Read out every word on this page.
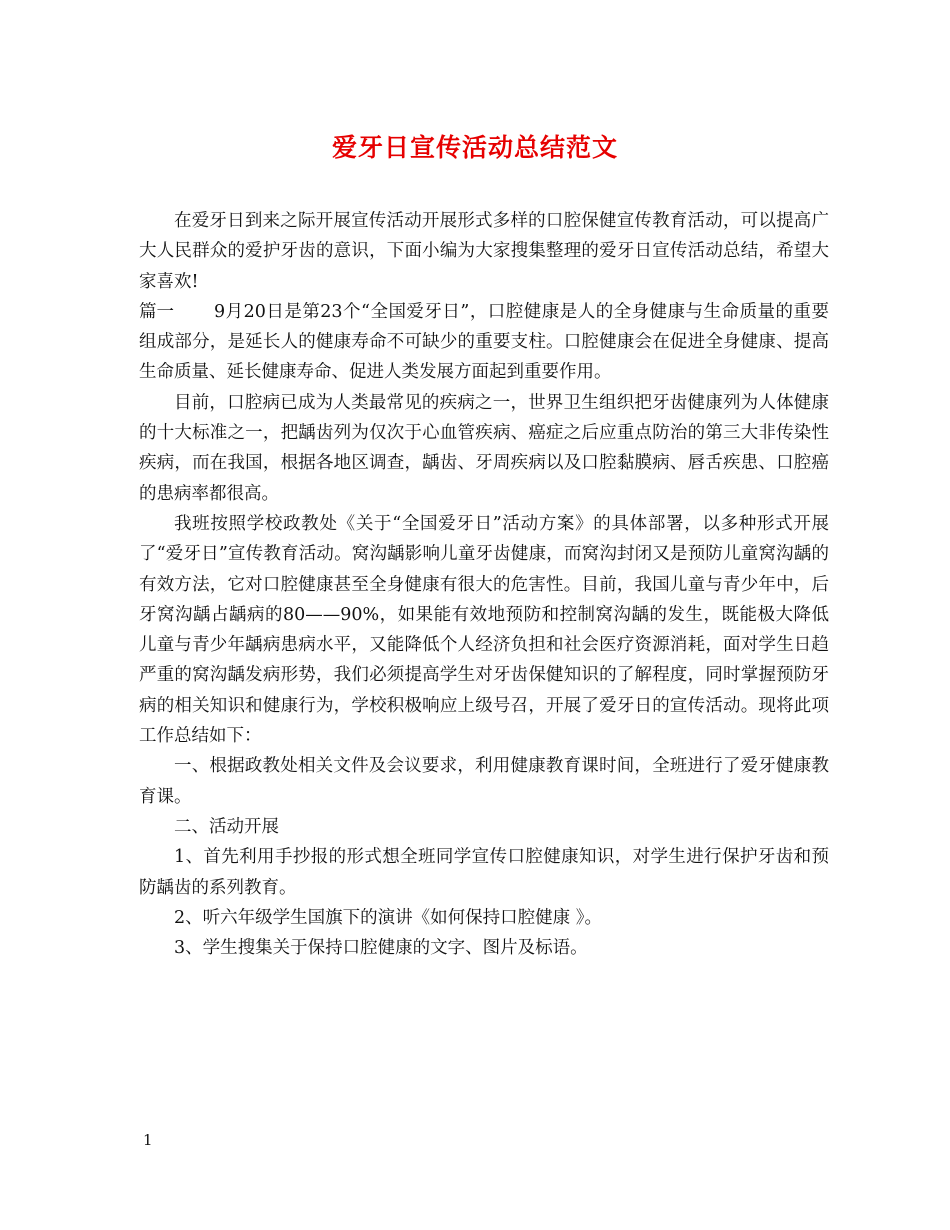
爱牙日宣传活动总结范文

在爱牙日到来之际开展宣传活动开展形式多样的口腔保健宣传教育活动，可以提高广大人民群众的爱护牙齿的意识，下面小编为大家搜集整理的爱牙日宣传活动总结，希望大家喜欢!

篇一 9月20日是第23个“全国爱牙日”，口腔健康是人的全身健康与生命质量的重要组成部分，是延长人的健康寿命不可缺少的重要支柱。口腔健康会在促进全身健康、提高生命质量、延长健康寿命、促进人类发展方面起到重要作用。

目前，口腔病已成为人类最常见的疾病之一，世界卫生组织把牙齿健康列为人体健康的十大标准之一，把龋齿列为仅次于心血管疾病、癌症之后应重点防治的第三大非传染性疾病，而在我国，根据各地区调查，龋齿、牙周疾病以及口腔黏膜病、唇舌疾患、口腔癌的患病率都很高。

我班按照学校政教处《关于“全国爱牙日”活动方案》的具体部署，以多种形式开展了“爱牙日”宣传教育活动。窝沟龋影响儿童牙齿健康，而窝沟封闭又是预防儿童窝沟龋的有效方法，它对口腔健康甚至全身健康有很大的危害性。目前，我国儿童与青少年中，后牙窝沟龋占龋病的80——90%，如果能有效地预防和控制窝沟龋的发生，既能极大降低儿童与青少年龋病患病水平，又能降低个人经济负担和社会医疗资源消耗，面对学生日趋严重的窝沟龋发病形势，我们必须提高学生对牙齿保健知识的了解程度，同时掌握预防牙病的相关知识和健康行为，学校积极响应上级号召，开展了爱牙日的宣传活动。现将此项工作总结如下：

一、根据政教处相关文件及会议要求，利用健康教育课时间，全班进行了爱牙健康教育课。

二、活动开展

1、首先利用手抄报的形式想全班同学宣传口腔健康知识，对学生进行保护牙齿和预防龋齿的系列教育。

2、听六年级学生国旗下的演讲《如何保持口腔健康 》。

3、学生搜集关于保持口腔健康的文字、图片及标语。

1
